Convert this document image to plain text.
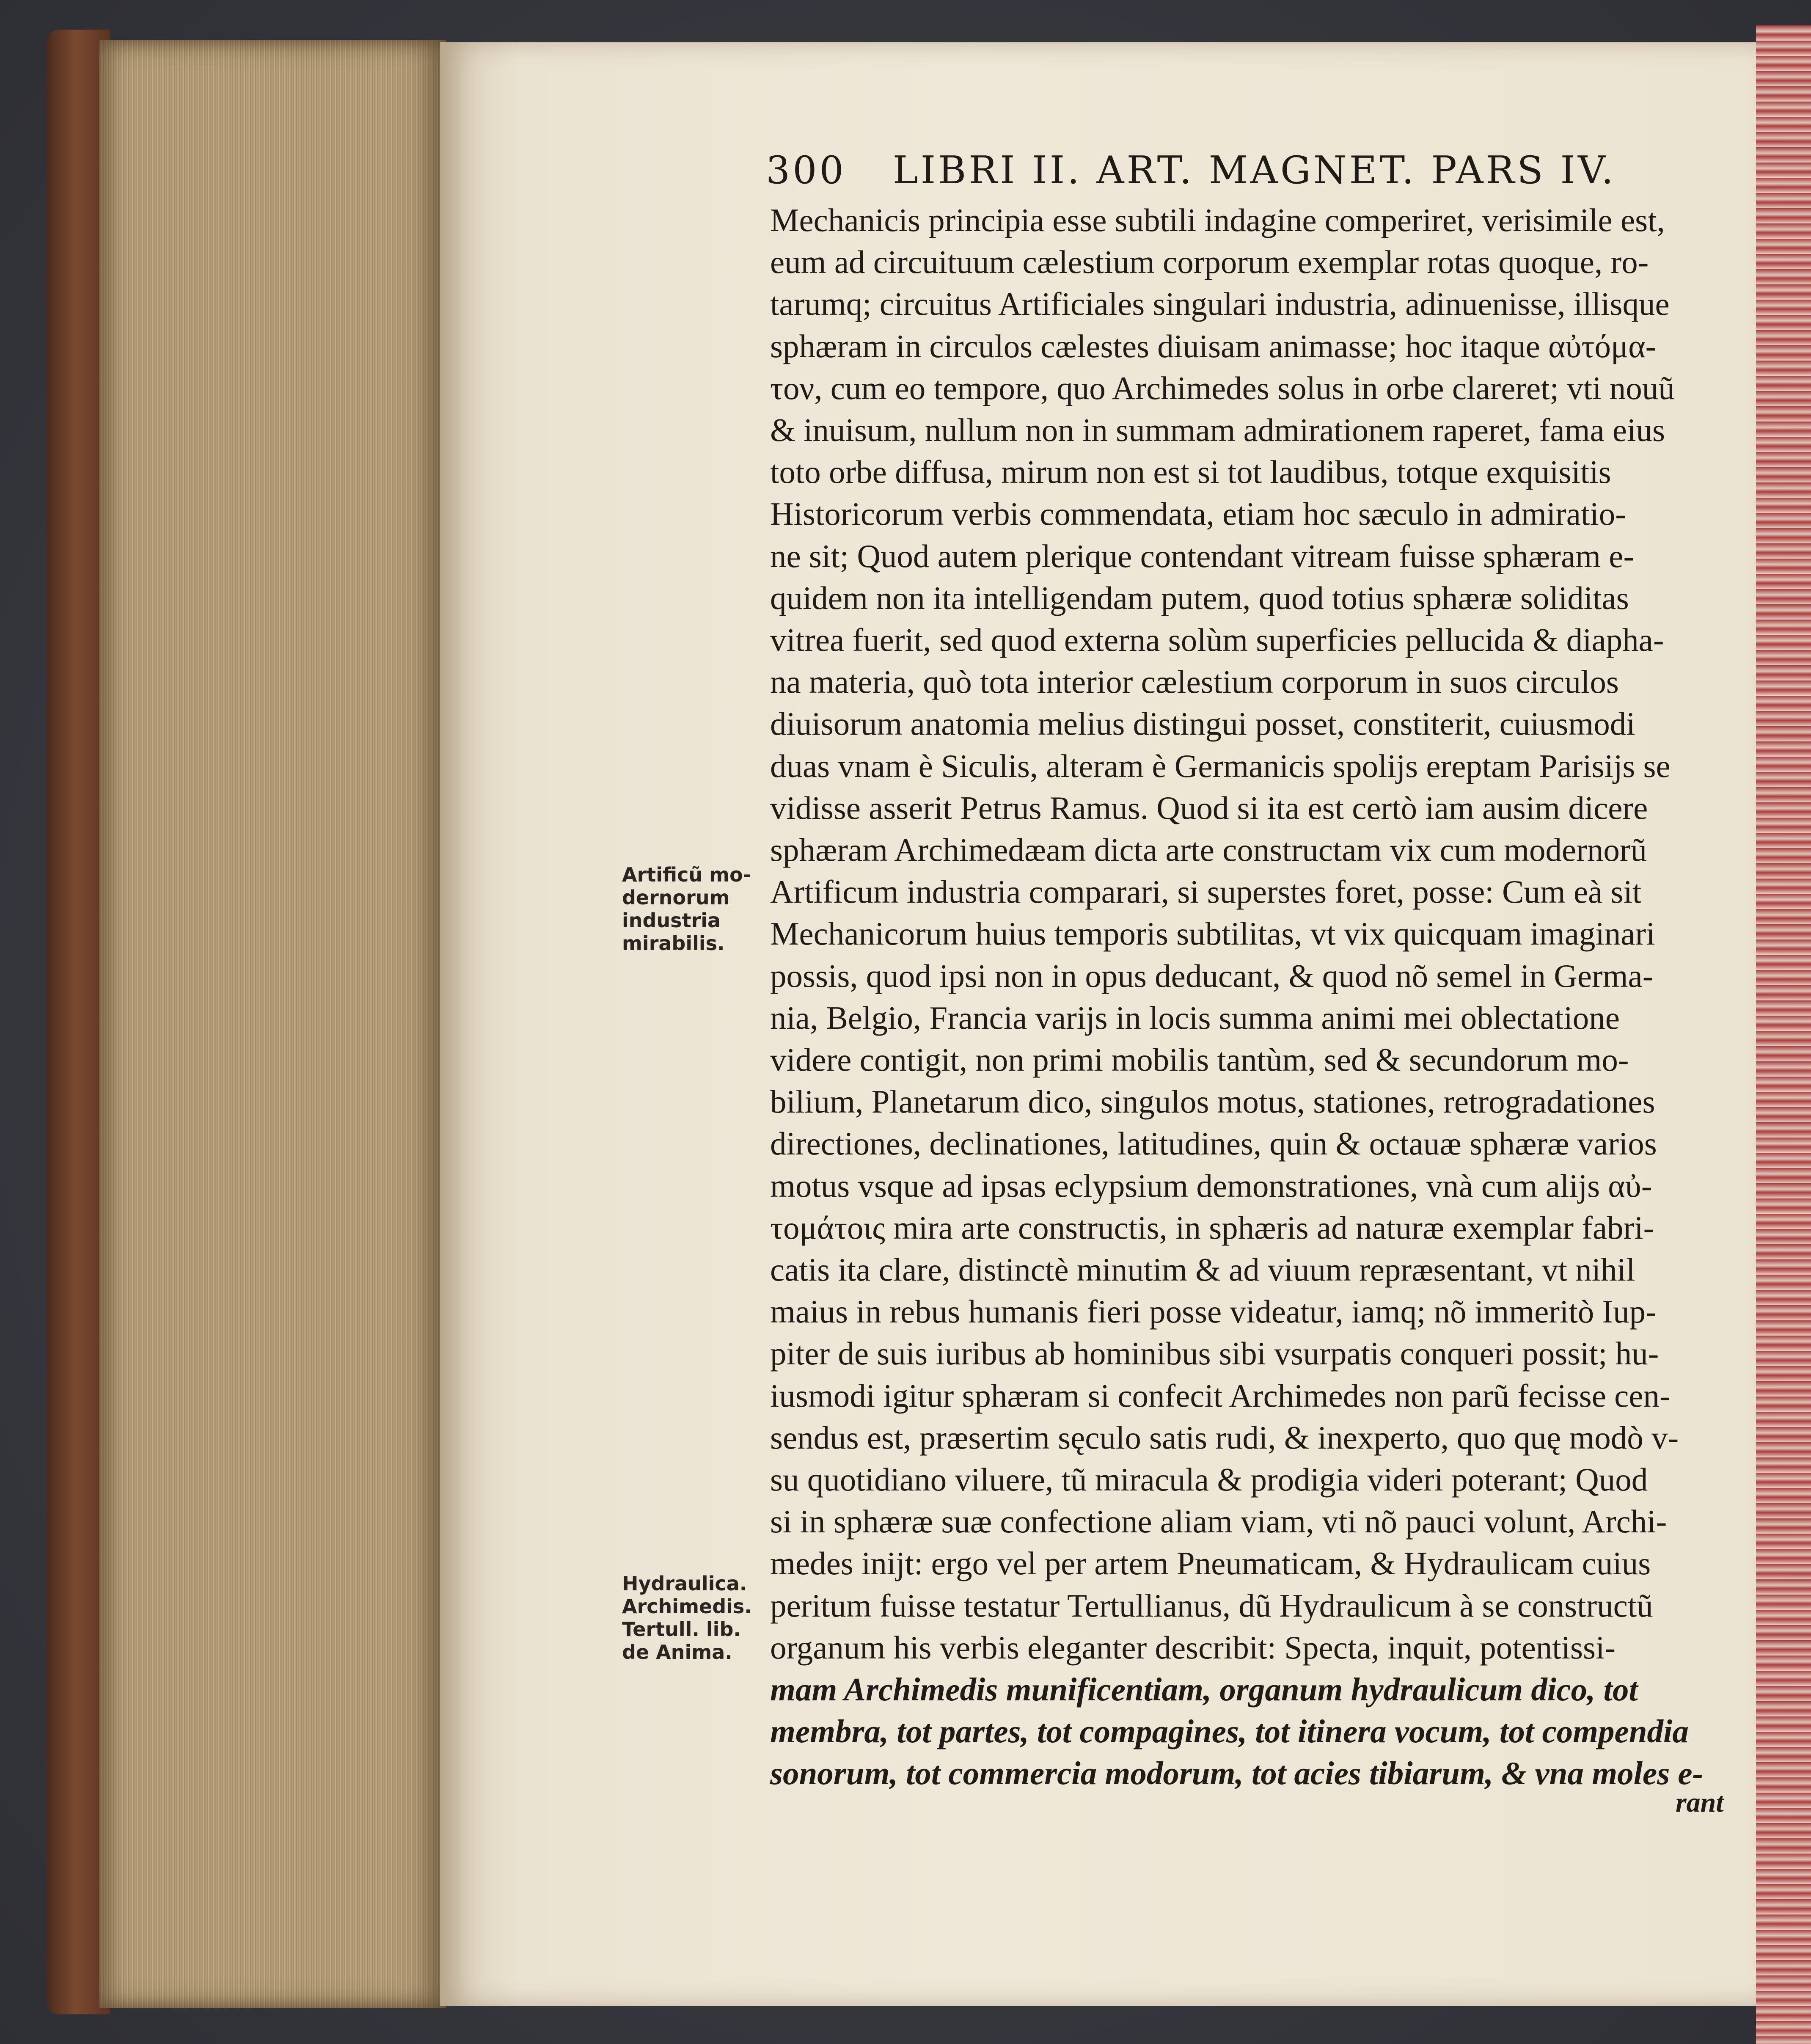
300 LIBRI II. ART. MAGNET. PARS IV.
Mechanicis principia esse subtili indagine comperiret, verisimile est,
eum ad circuituum cælestium corporum exemplar rotas quoque, ro-
tarumq; circuitus Artificiales singulari industria, adinuenisse, illisque
sphæram in circulos cælestes diuisam animasse; hoc itaque αὐτόμα-
τον, cum eo tempore, quo Archimedes solus in orbe clareret; vti nouũ
& inuisum, nullum non in summam admirationem raperet, fama eius
toto orbe diffusa, mirum non est si tot laudibus, totque exquisitis
Historicorum verbis commendata, etiam hoc sæculo in admiratio-
ne sit; Quod autem plerique contendant vitream fuisse sphæram e-
quidem non ita intelligendam putem, quod totius sphæræ soliditas
vitrea fuerit, sed quod externa solùm superficies pellucida & diapha-
na materia, quò tota interior cælestium corporum in suos circulos
diuisorum anatomia melius distingui posset, constiterit, cuiusmodi
duas vnam è Siculis, alteram è Germanicis spolijs ereptam Parisijs se
vidisse asserit Petrus Ramus. Quod si ita est certò iam ausim dicere
sphæram Archimedæam dicta arte constructam vix cum modernorũ
Artificum industria comparari, si superstes foret, posse: Cum eà sit
Mechanicorum huius temporis subtilitas, vt vix quicquam imaginari
possis, quod ipsi non in opus deducant, & quod nõ semel in Germa-
nia, Belgio, Francia varijs in locis summa animi mei oblectatione
videre contigit, non primi mobilis tantùm, sed & secundorum mo-
bilium, Planetarum dico, singulos motus, stationes, retrogradationes
directiones, declinationes, latitudines, quin & octauæ sphæræ varios
motus vsque ad ipsas eclypsium demonstrationes, vnà cum alijs αὐ-
τομάτοις mira arte constructis, in sphæris ad naturæ exemplar fabri-
catis ita clare, distinctè minutim & ad viuum repræsentant, vt nihil
maius in rebus humanis fieri posse videatur, iamq; nõ immeritò Iup-
piter de suis iuribus ab hominibus sibi vsurpatis conqueri possit; hu-
iusmodi igitur sphæram si confecit Archimedes non parũ fecisse cen-
sendus est, præsertim sęculo satis rudi, & inexperto, quo quę modò v-
su quotidiano viluere, tũ miracula & prodigia videri poterant; Quod
si in sphæræ suæ confectione aliam viam, vti nõ pauci volunt, Archi-
medes inijt: ergo vel per artem Pneumaticam, & Hydraulicam cuius
peritum fuisse testatur Tertullianus, dũ Hydraulicum à se constructũ
organum his verbis eleganter describit: Specta, inquit, potentissi-
mam Archimedis munificentiam, organum hydraulicum dico, tot
membra, tot partes, tot compagines, tot itinera vocum, tot compendia
sonorum, tot commercia modorum, tot acies tibiarum, & vna moles e-
rant
Artificũ mo-
dernorum
industria
mirabilis.
Hydraulica.
Archimedis.
Tertull. lib.
de Anima.
